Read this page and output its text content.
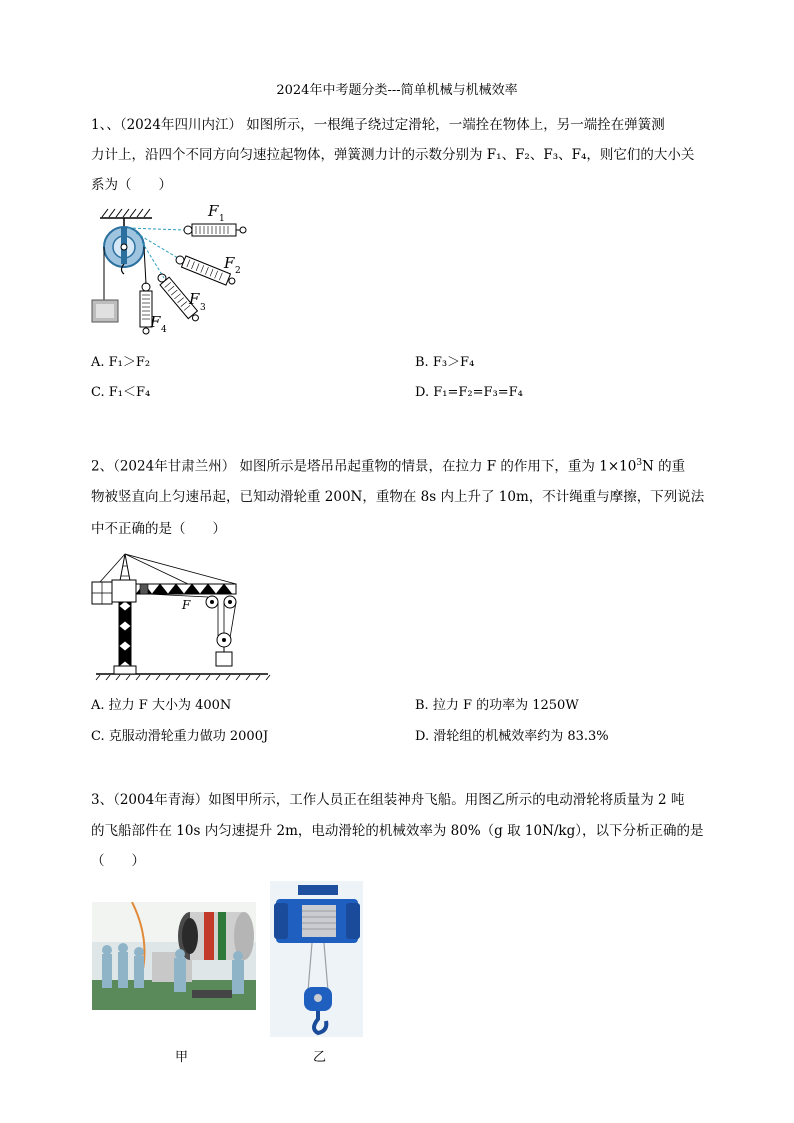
2024年中考题分类---简单机械与机械效率
1、、（2024年四川内江） 如图所示，一根绳子绕过定滑轮，一端拴在物体上，另一端拴在弹簧测
力计上，沿四个不同方向匀速拉起物体，弹簧测力计的示数分别为 F₁、F₂、F₃、F₄，则它们的大小关
系为（　　）
F 1
F 2
F 3
F 4
A. F₁＞F₂	B. F₃＞F₄
C. F₁＜F₄	D. F₁=F₂=F₃=F₄
2、（2024年甘肃兰州） 如图所示是塔吊吊起重物的情景，在拉力 F 的作用下，重为 $1\times 10^3N$ 的重
物被竖直向上匀速吊起，已知动滑轮重 200N，重物在 8s 内上升了 10m，不计绳重与摩擦，下列说法
中不正确的是（　　）
F
A. 拉力 F 大小为 400N	B. 拉力 F 的功率为 1250W
C. 克服动滑轮重力做功 2000J	D. 滑轮组的机械效率约为 83.3%
3、（2004年青海）如图甲所示，工作人员正在组装神舟飞船。用图乙所示的电动滑轮将质量为 2 吨
的飞船部件在 10s 内匀速提升 2m，电动滑轮的机械效率为 80%（g 取 10N/kg），以下分析正确的是
（　　）
甲	乙
